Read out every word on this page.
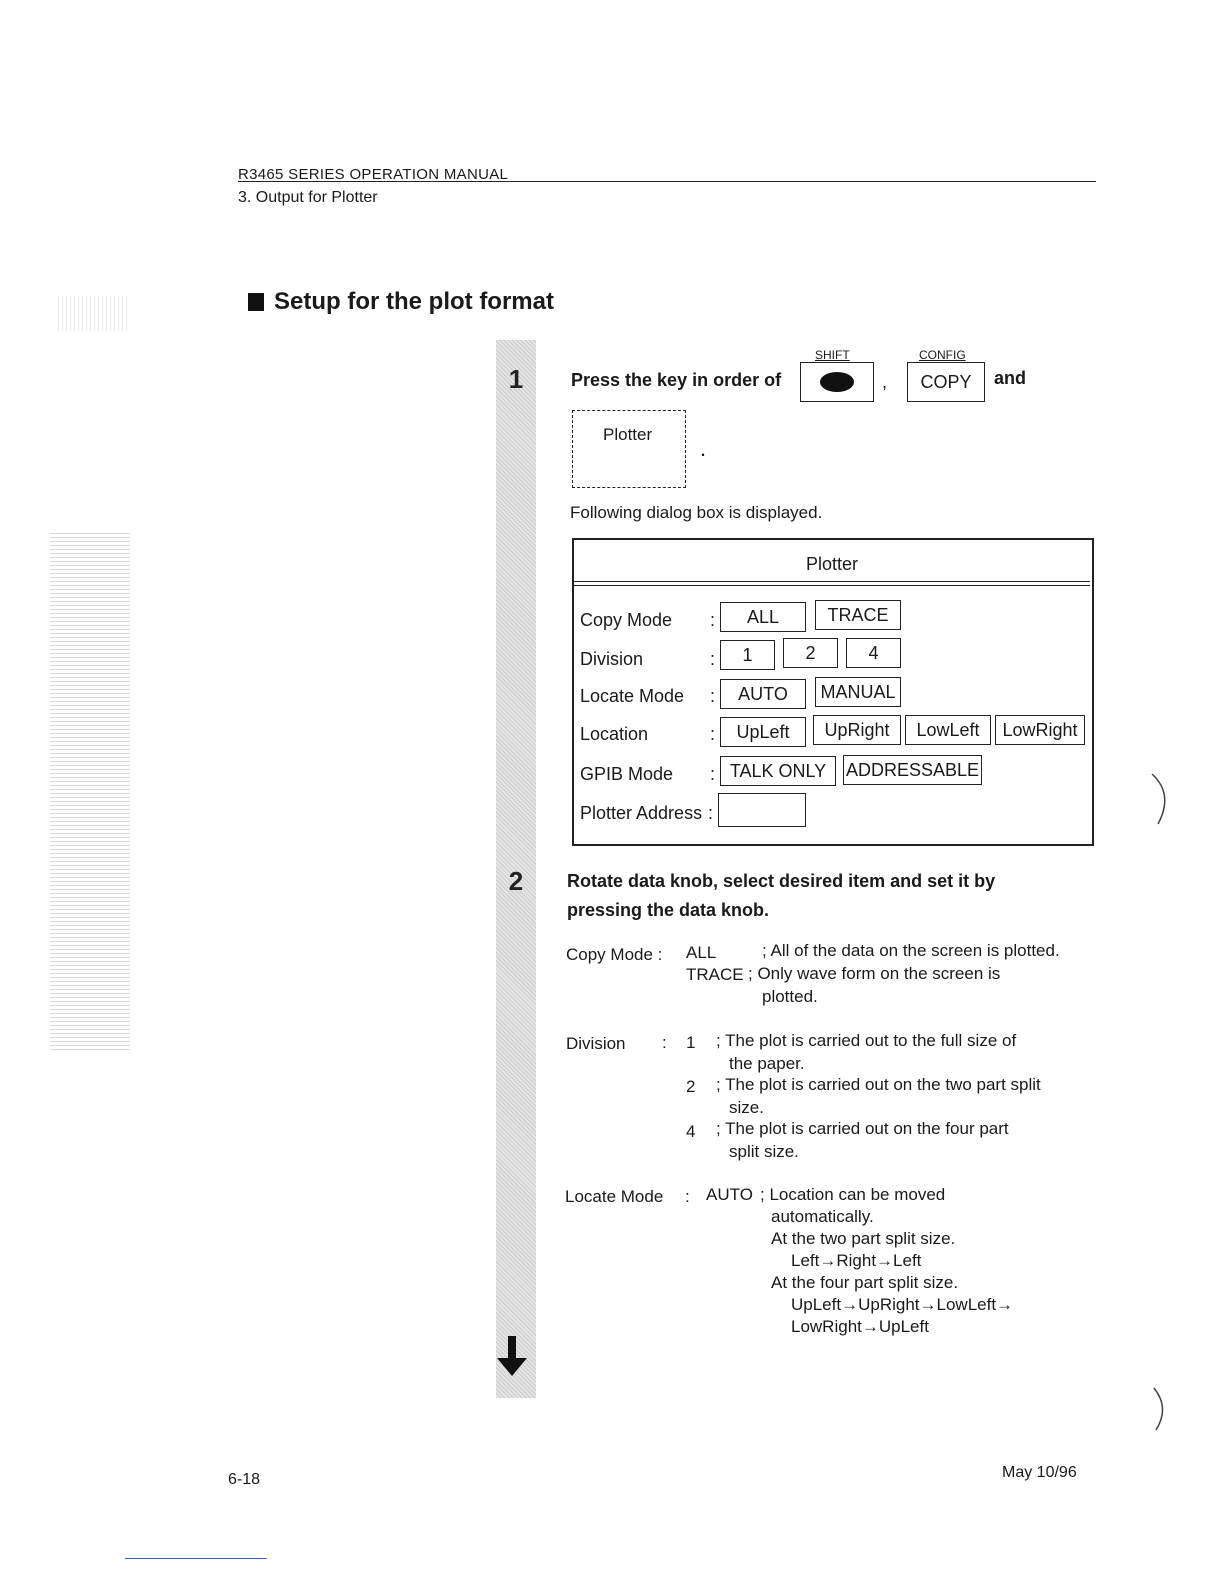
R3465 SERIES OPERATION MANUAL
3. Output for Plotter
Setup for the plot format
1
2
Press the key in order of
SHIFT
,
CONFIG
COPY	and
Plotter
.
Following dialog box is displayed.
Plotter
Copy Mode :	ALL	TRACE
Division	:	1	2	4
Locate Mode :	AUTO	MANUAL
Location	:	UpLeft	UpRight	LowLeft	LowRight
GPIB Mode : TALK ONLY	ADDRESSABLE
Plotter Address :
Rotate data knob, select desired item and set it by
pressing the data knob.
Copy Mode : ALL	; All of the data on the screen is plotted.
TRACE ; Only wave form on the screen is
plotted.
Division : 1 ; The plot is carried out to the full size of
the paper.
2 ; The plot is carried out on the two part split
size.
4 ; The plot is carried out on the four part
split size.
Locate Mode : AUTO ; Location can be moved
automatically.
At the two part split size.
Left→Right→Left
At the four part split size.
UpLeft→UpRight→LowLeft→
LowRight→UpLeft
6-18	May 10/96
